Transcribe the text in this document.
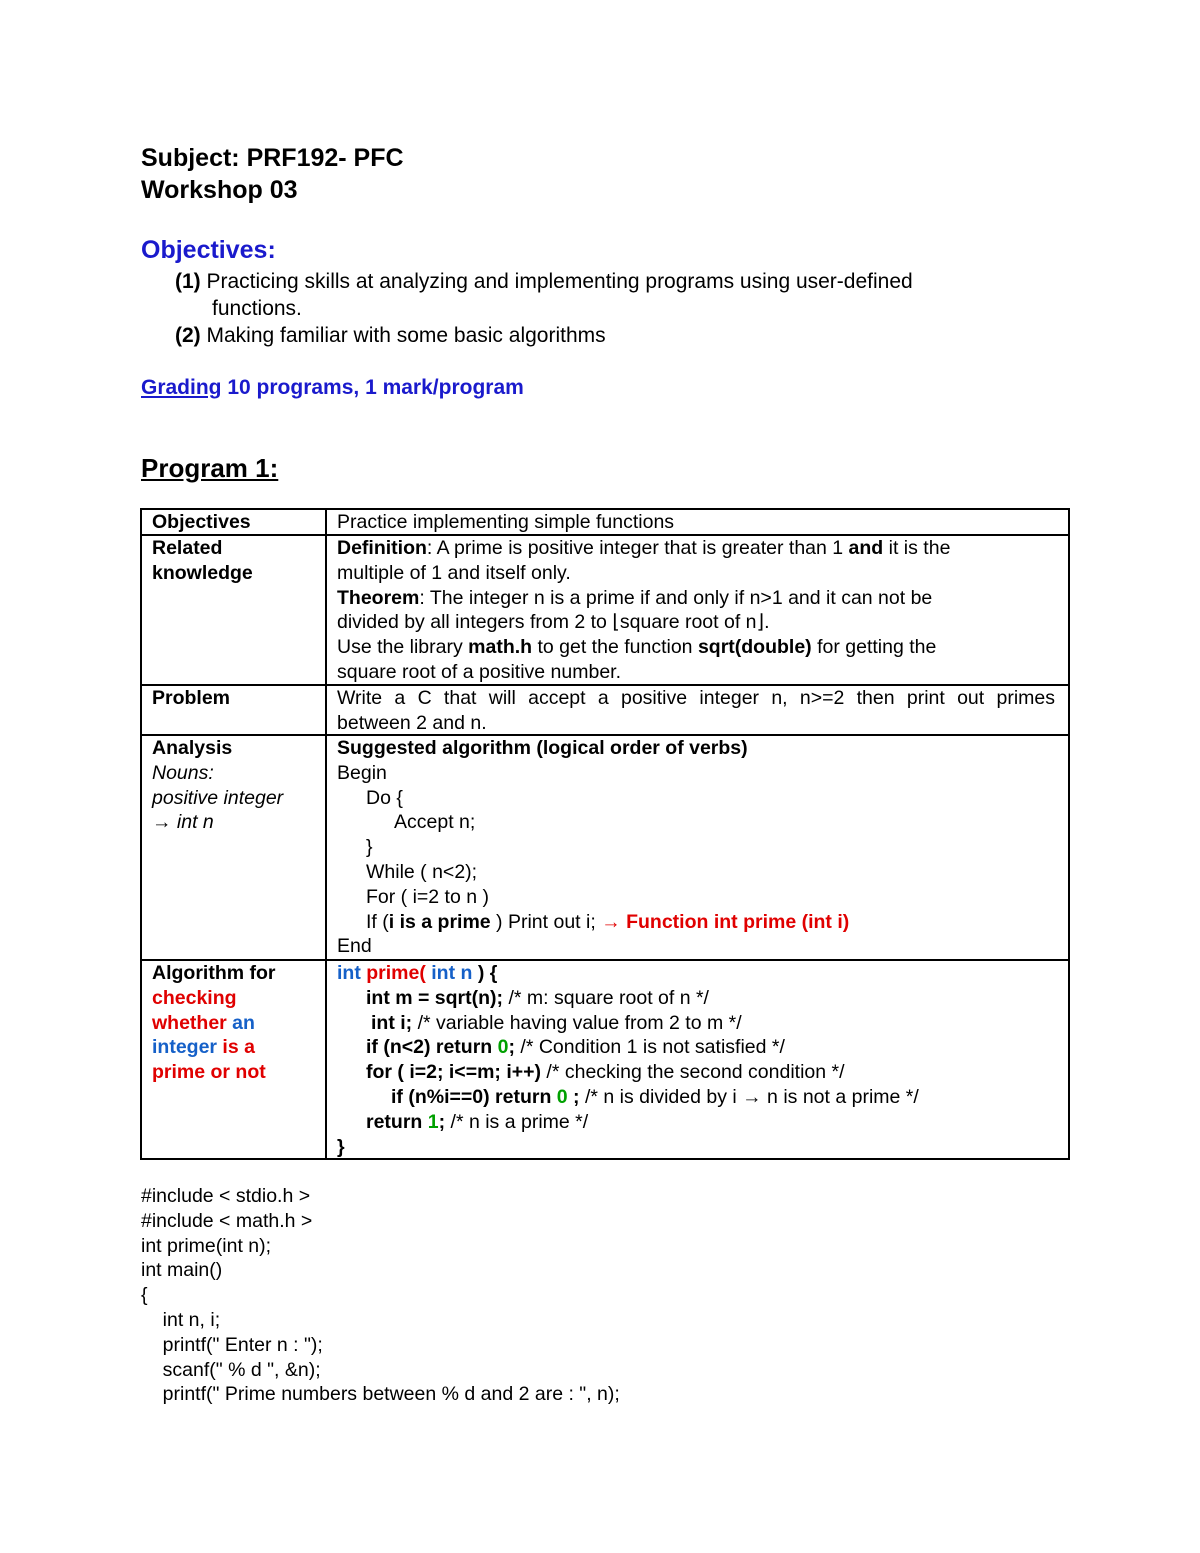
Subject: PRF192- PFC
Workshop 03
Objectives:
(1) Practicing skills at analyzing and implementing programs using user-defined
functions.
(2) Making familiar with some basic algorithms
Grading 10 programs, 1 mark/program
Program 1:
Objectives	Practice implementing simple functions
Related
knowledge
Definition: A prime is positive integer that is greater than 1 and it is the
multiple of 1 and itself only.
Theorem: The integer n is a prime if and only if n>1 and it can not be
divided by all integers from 2 to ⌊square root of n⌋.
Use the library math.h to get the function sqrt(double) for getting the
square root of a positive number.
Problem	Write a C that will accept a positive integer n, n>=2 then print out primes
between 2 and n.
Analysis
Nouns:
positive integer
→ int n
Suggested algorithm (logical order of verbs)
Begin
Do {
Accept n;
}
While ( n<2);
For ( i=2 to n )
If (i is a prime ) Print out i; → Function int prime (int i)
End
Algorithm for
checking
whether an
integer is a
prime or not
int prime( int n ) {
int m = sqrt(n); /* m: square root of n */
int i; /* variable having value from 2 to m */
if (n<2) return 0; /* Condition 1 is not satisfied */
for ( i=2; i<=m; i++) /* checking the second condition */
if (n%i==0) return 0 ; /* n is divided by i → n is not a prime */
return 1; /* n is a prime */
}
#include < stdio.h >
#include < math.h >
int prime(int n);
int main()
{
int n, i;
printf(" Enter n : ");
scanf(" % d ", &n);
printf(" Prime numbers between % d and 2 are : ", n);
